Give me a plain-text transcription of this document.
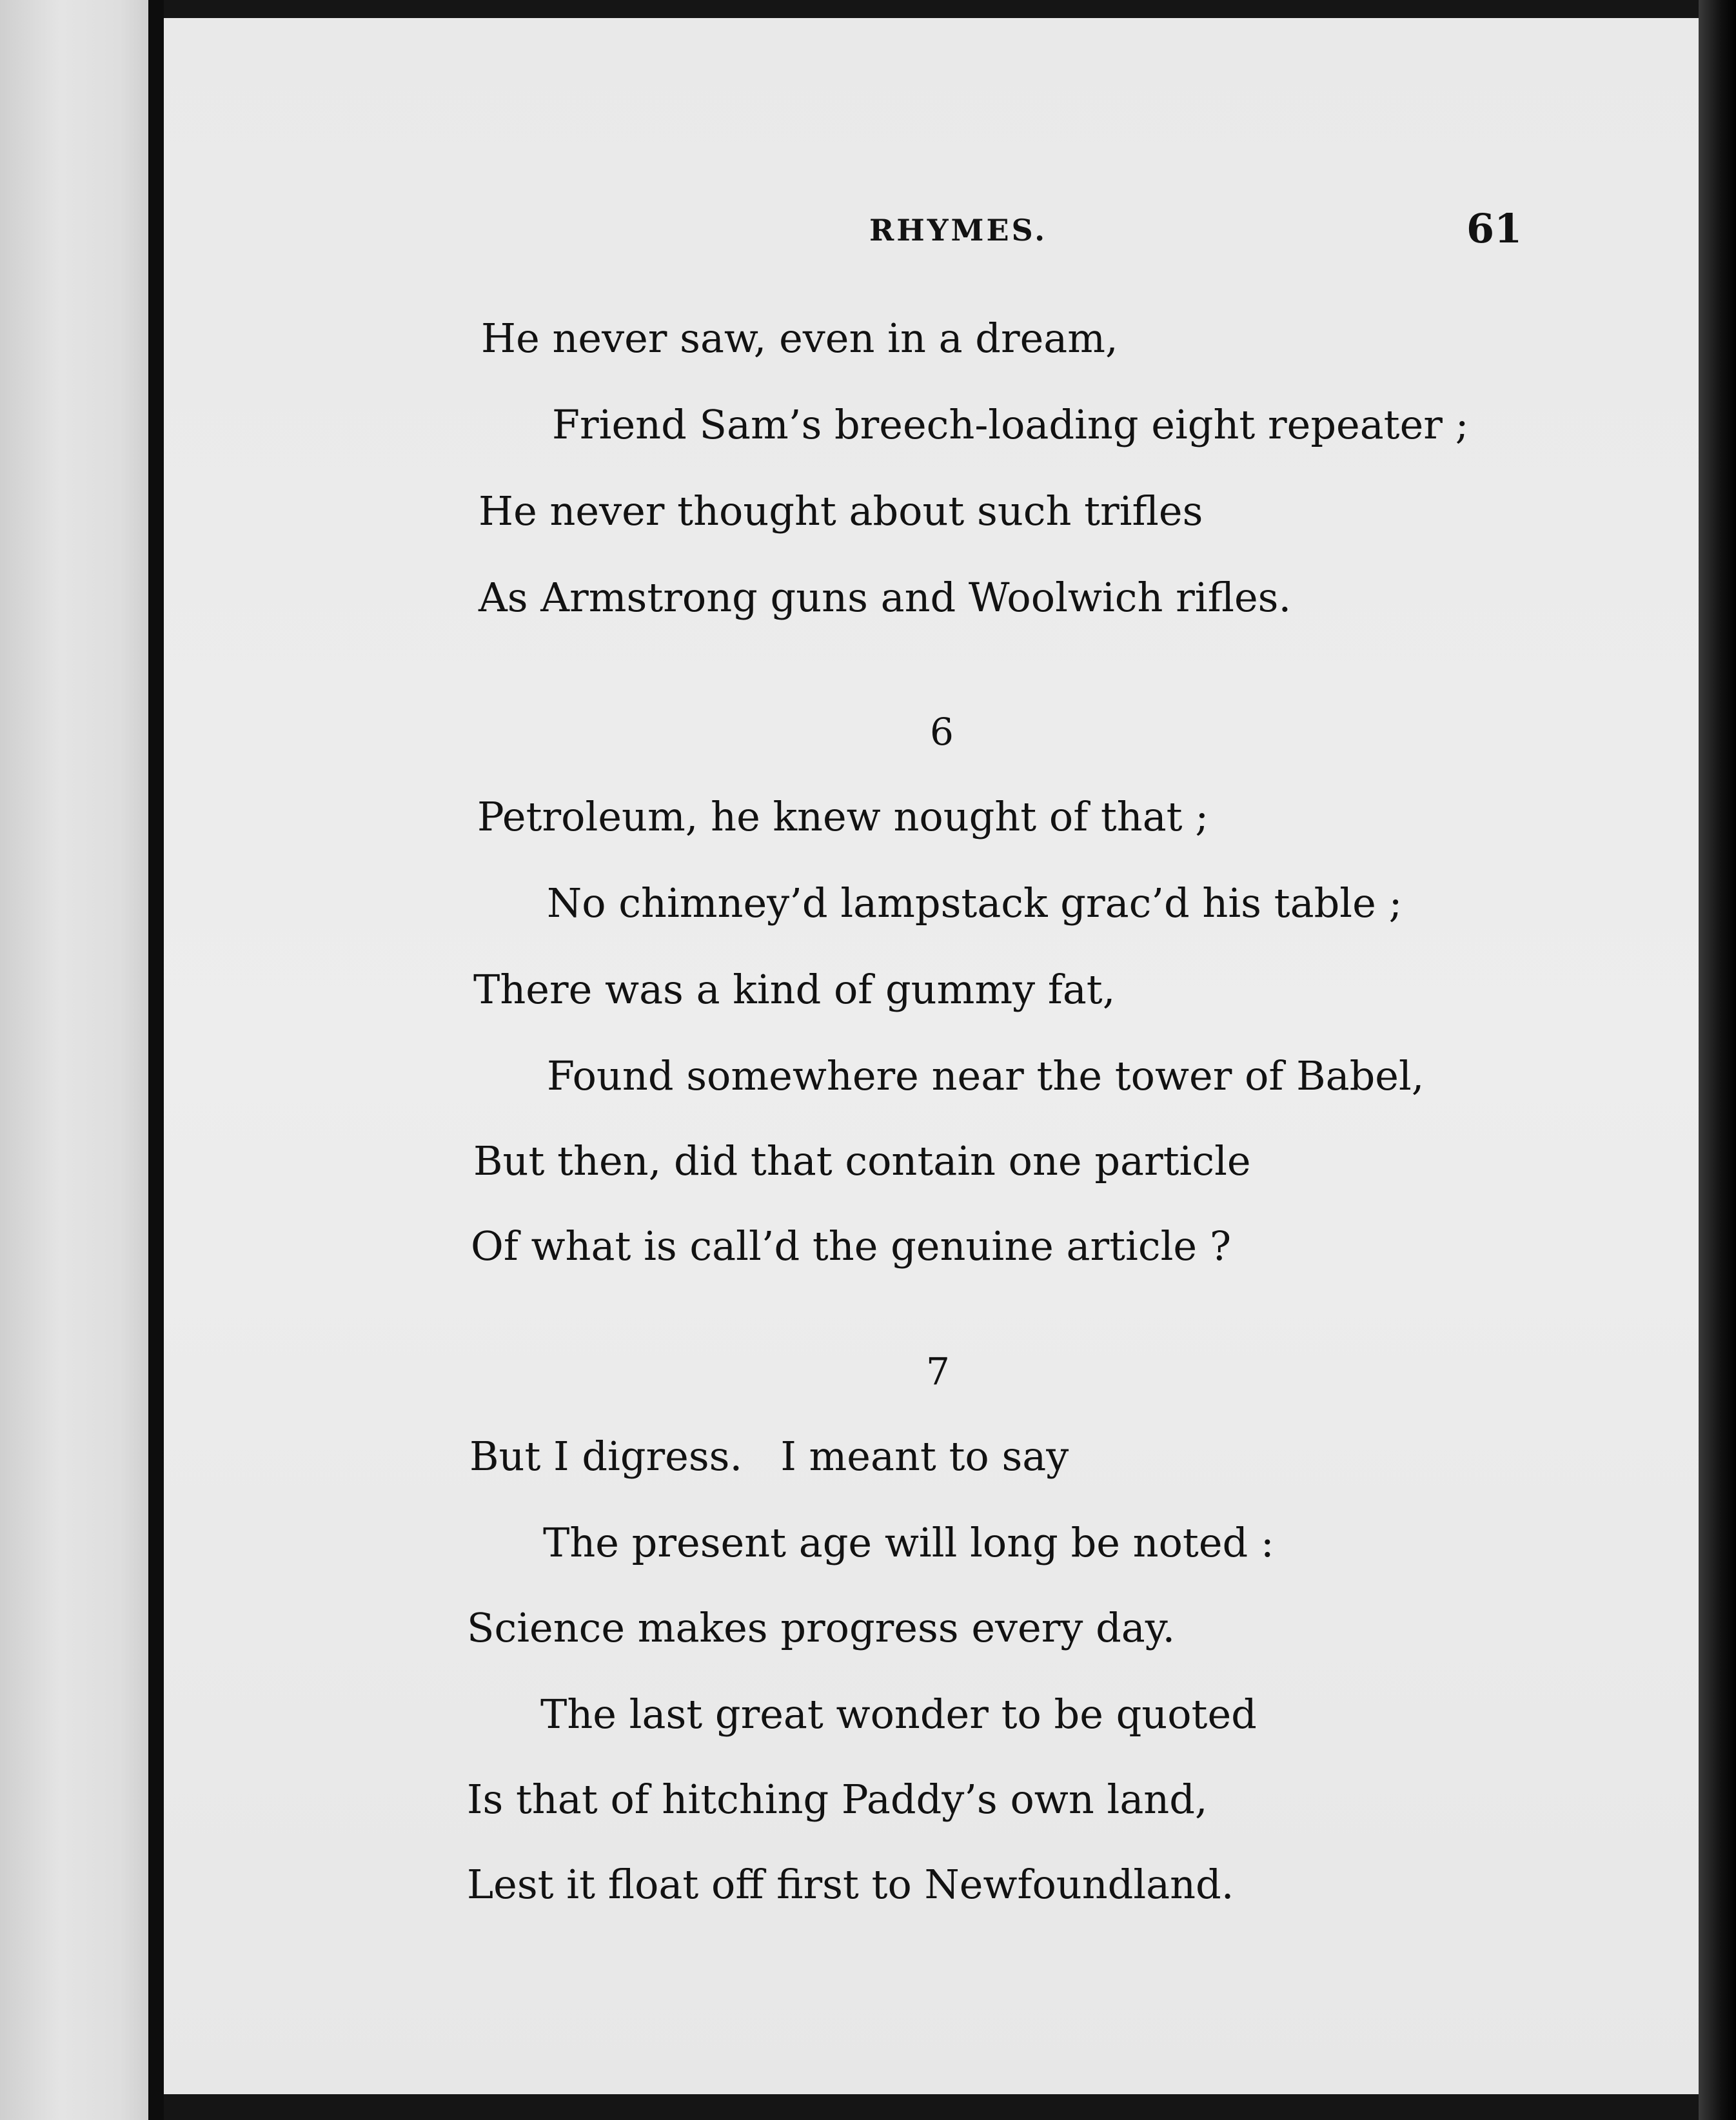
RHYMES.	61
He never saw, even in a dream,
Friend Sam’s breech-loading eight repeater ;
He never thought about such trifles
As Armstrong guns and Woolwich rifles.
6
Petroleum, he knew nought of that ;
No chimney’d lampstack grac’d his table ;
There was a kind of gummy fat,
Found somewhere near the tower of Babel,
But then, did that contain one particle
Of what is call’d the genuine article ?
7
But I digress.   I meant to say
The present age will long be noted :
Science makes progress every day.
The last great wonder to be quoted
Is that of hitching Paddy’s own land,
Lest it float off first to Newfoundland.
